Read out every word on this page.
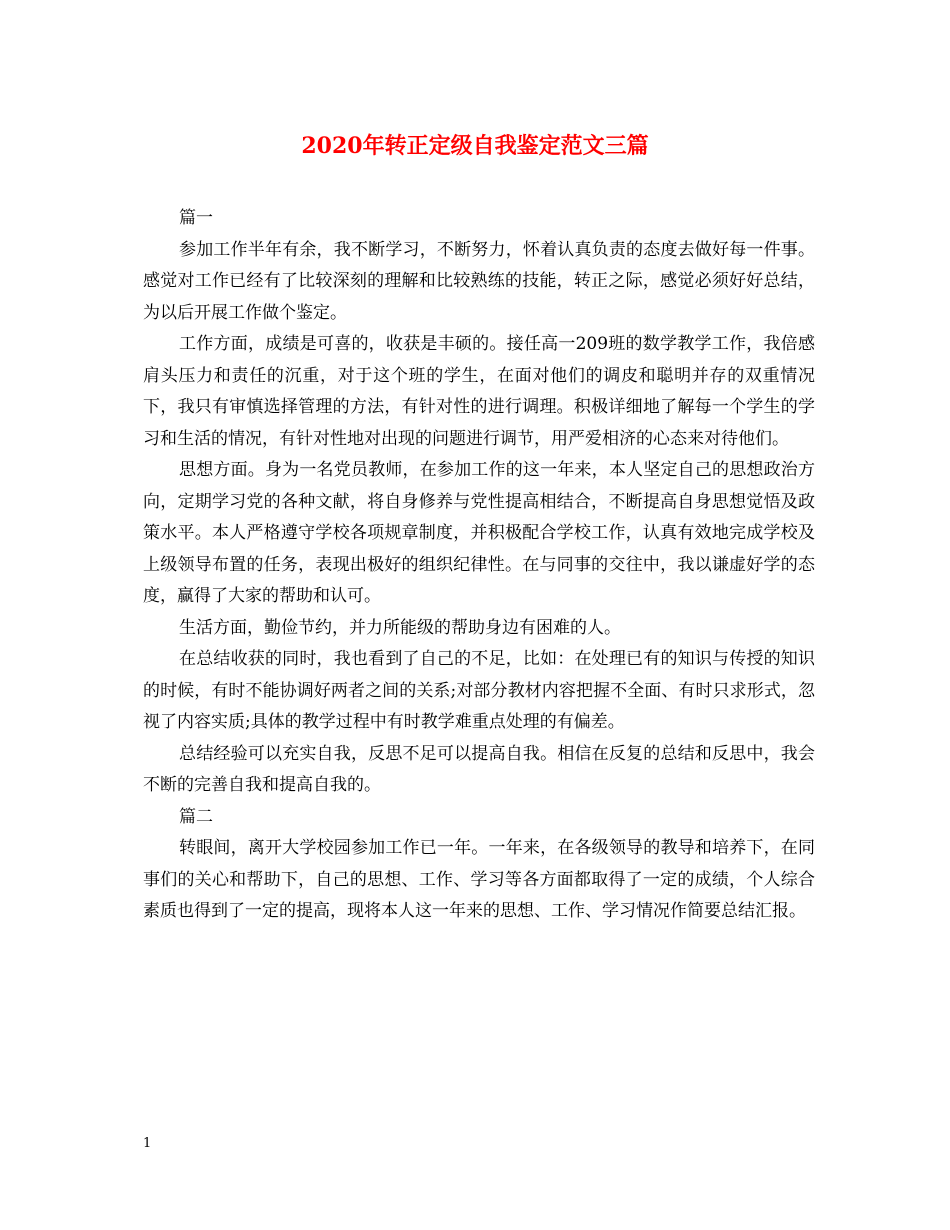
2020年转正定级自我鉴定范文三篇

篇一

参加工作半年有余，我不断学习，不断努力，怀着认真负责的态度去做好每一件事。感觉对工作已经有了比较深刻的理解和比较熟练的技能，转正之际，感觉必须好好总结，为以后开展工作做个鉴定。

工作方面，成绩是可喜的，收获是丰硕的。接任高一209班的数学教学工作，我倍感肩头压力和责任的沉重，对于这个班的学生，在面对他们的调皮和聪明并存的双重情况下，我只有审慎选择管理的方法，有针对性的进行调理。积极详细地了解每一个学生的学习和生活的情况，有针对性地对出现的问题进行调节，用严爱相济的心态来对待他们。

思想方面。身为一名党员教师，在参加工作的这一年来，本人坚定自己的思想政治方向，定期学习党的各种文献，将自身修养与党性提高相结合，不断提高自身思想觉悟及政策水平。本人严格遵守学校各项规章制度，并积极配合学校工作，认真有效地完成学校及上级领导布置的任务，表现出极好的组织纪律性。在与同事的交往中，我以谦虚好学的态度，赢得了大家的帮助和认可。

生活方面，勤俭节约，并力所能级的帮助身边有困难的人。

在总结收获的同时，我也看到了自己的不足，比如：在处理已有的知识与传授的知识的时候，有时不能协调好两者之间的关系;对部分教材内容把握不全面、有时只求形式，忽视了内容实质;具体的教学过程中有时教学难重点处理的有偏差。

总结经验可以充实自我，反思不足可以提高自我。相信在反复的总结和反思中，我会不断的完善自我和提高自我的。

篇二

转眼间，离开大学校园参加工作已一年。一年来，在各级领导的教导和培养下，在同事们的关心和帮助下，自己的思想、工作、学习等各方面都取得了一定的成绩，个人综合素质也得到了一定的提高，现将本人这一年来的思想、工作、学习情况作简要总结汇报。

1
